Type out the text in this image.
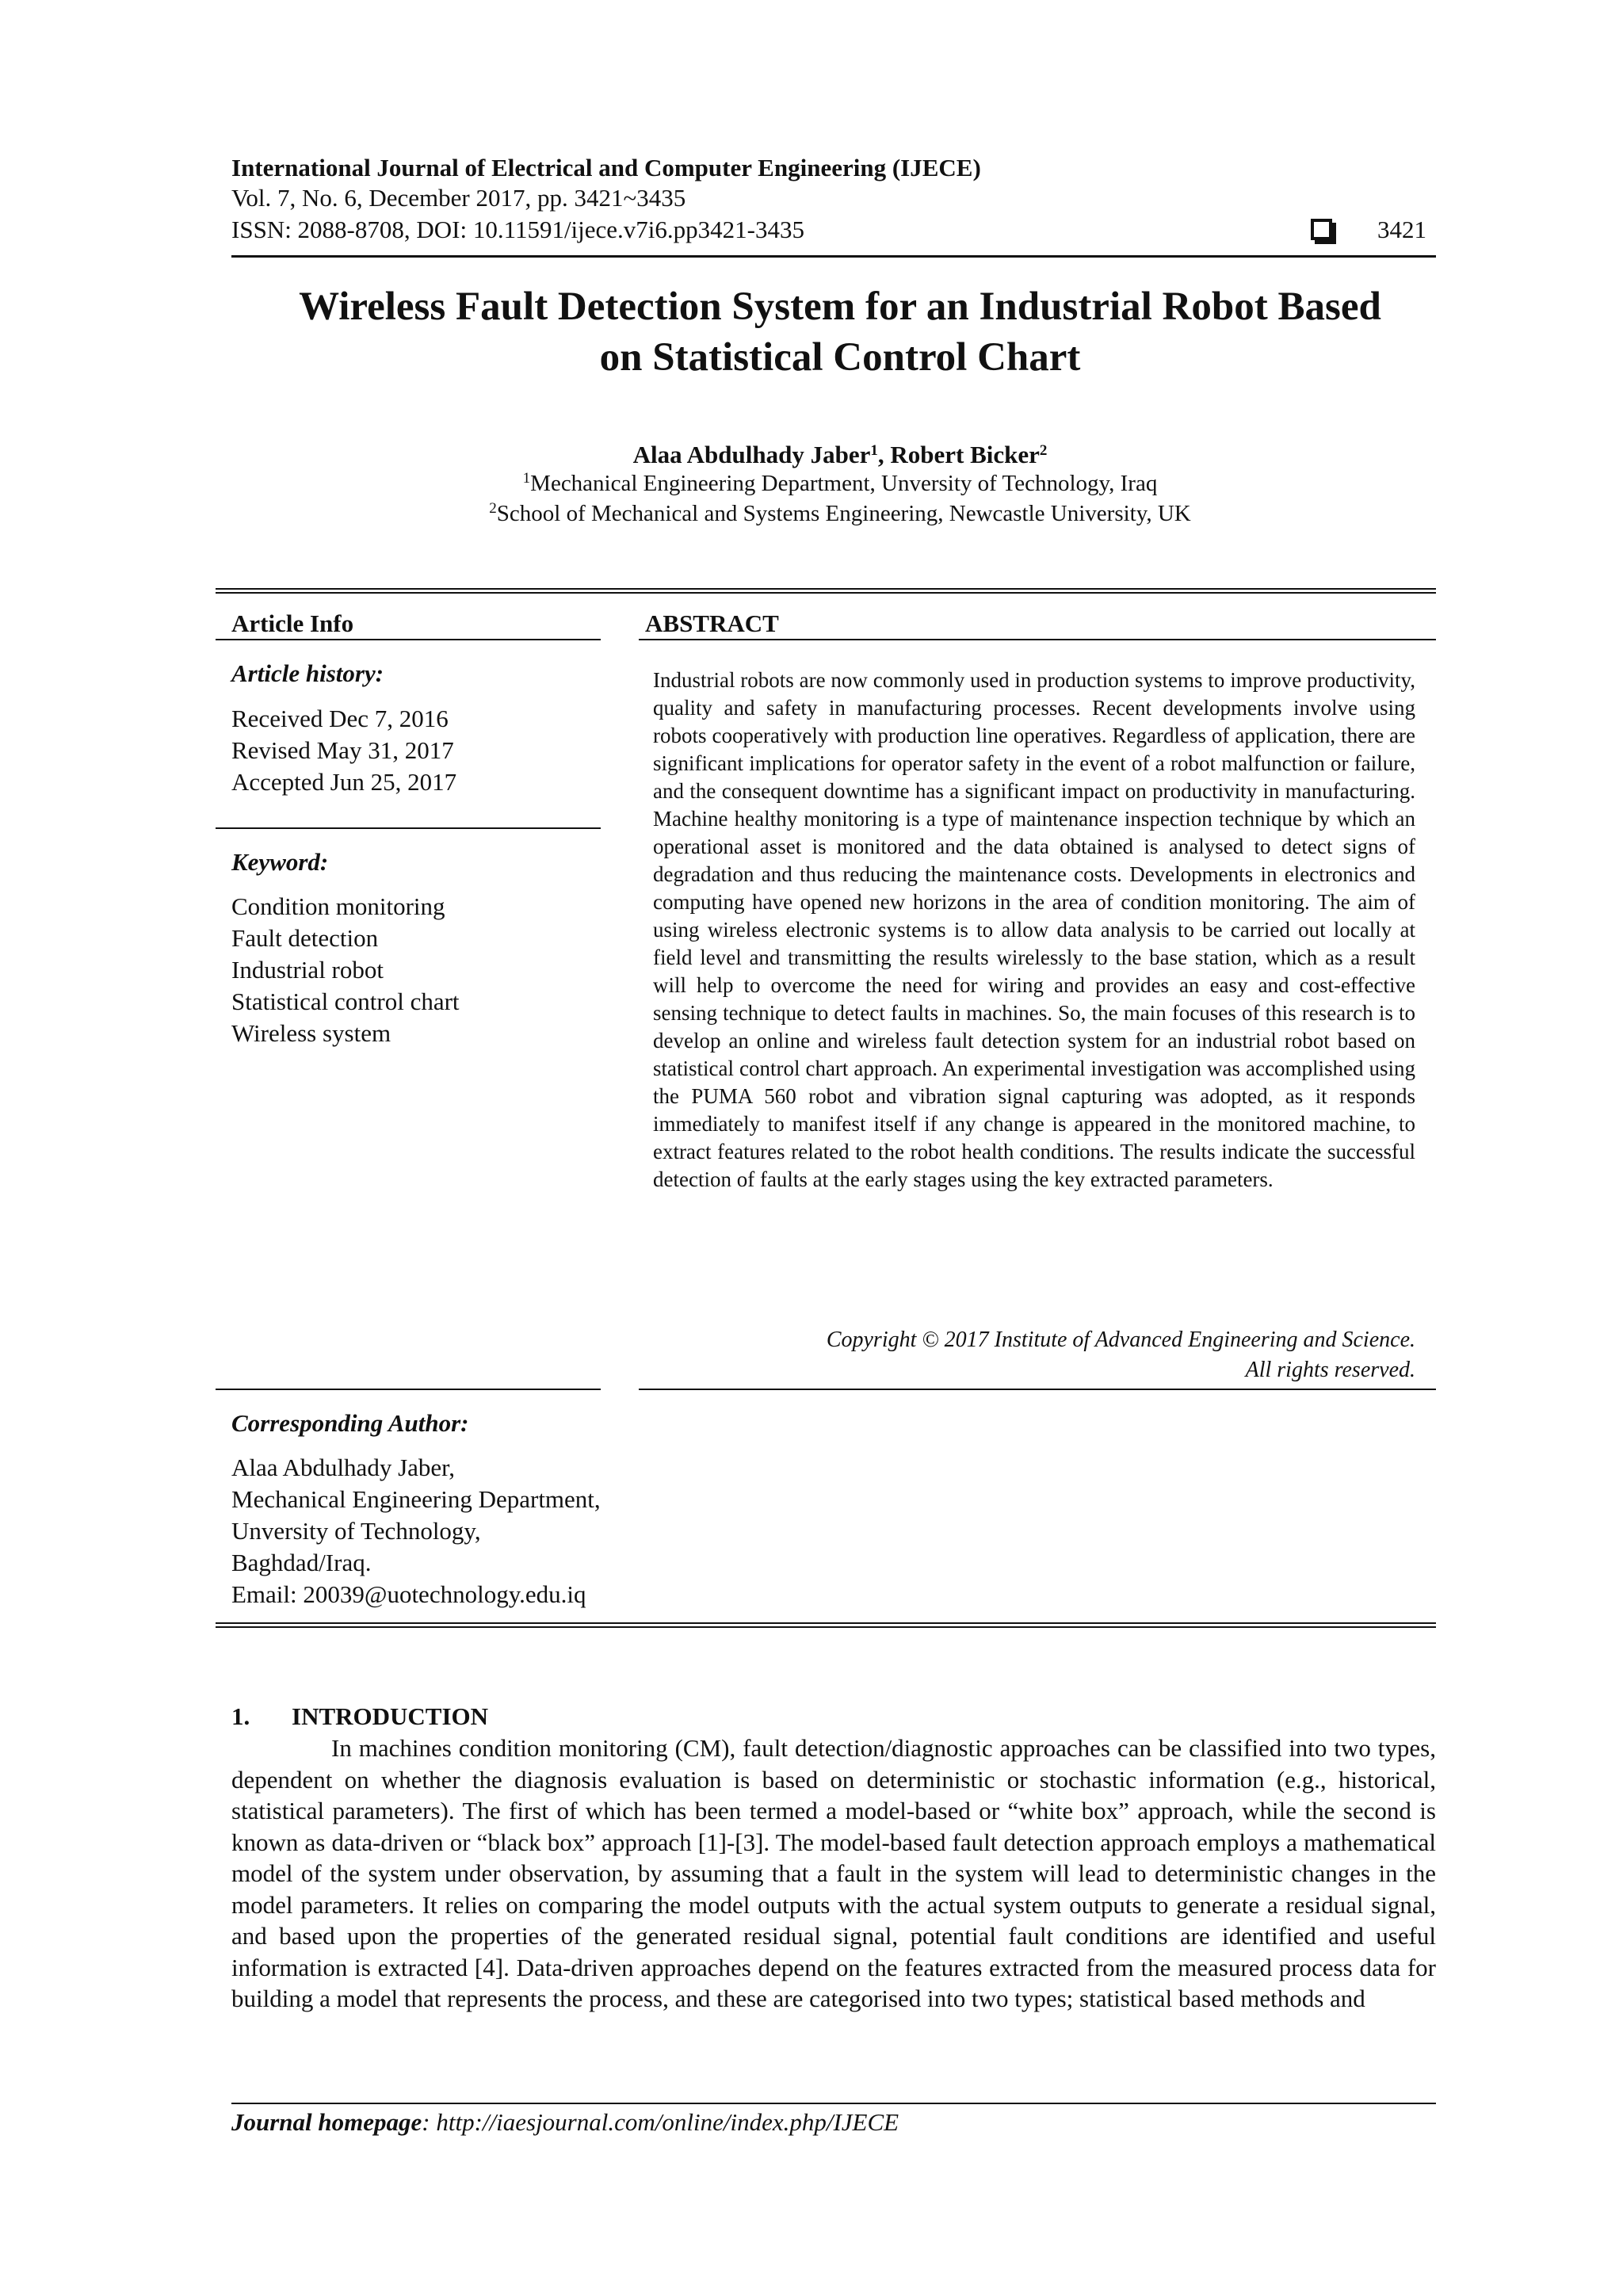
International Journal of Electrical and Computer Engineering (IJECE)
Vol. 7, No. 6, December 2017, pp. 3421~3435
ISSN: 2088-8708, DOI: 10.11591/ijece.v7i6.pp3421-3435	3421
Wireless Fault Detection System for an Industrial Robot Based
on Statistical Control Chart
Alaa Abdulhady Jaber$^1$, Robert Bicker$^2$
$^1$Mechanical Engineering Department, Unversity of Technology, Iraq
$^2$School of Mechanical and Systems Engineering, Newcastle University, UK
Article Info
Article history:
Received Dec 7, 2016
Revised May 31, 2017
Accepted Jun 25, 2017
Keyword:
Condition monitoring
Fault detection
Industrial robot
Statistical control chart
Wireless system
ABSTRACT
Industrial robots are now commonly used in production systems to improve productivity, quality and safety in manufacturing processes. Recent developments involve using robots cooperatively with production line operatives. Regardless of application, there are significant implications for operator safety in the event of a robot malfunction or failure, and the consequent downtime has a significant impact on productivity in manufacturing. Machine healthy monitoring is a type of maintenance inspection technique by which an operational asset is monitored and the data obtained is analysed to detect signs of degradation and thus reducing the maintenance costs. Developments in electronics and computing have opened new horizons in the area of condition monitoring. The aim of using wireless electronic systems is to allow data analysis to be carried out locally at field level and transmitting the results wirelessly to the base station, which as a result will help to overcome the need for wiring and provides an easy and cost-effective sensing technique to detect faults in machines. So, the main focuses of this research is to develop an online and wireless fault detection system for an industrial robot based on statistical control chart approach. An experimental investigation was accomplished using the PUMA 560 robot and vibration signal capturing was adopted, as it responds immediately to manifest itself if any change is appeared in the monitored machine, to extract features related to the robot health conditions. The results indicate the successful detection of faults at the early stages using the key extracted parameters.
Copyright © 2017 Institute of Advanced Engineering and Science.
All rights reserved.
Corresponding Author:
Alaa Abdulhady Jaber,
Mechanical Engineering Department,
Unversity of Technology,
Baghdad/Iraq.
Email: 20039@uotechnology.edu.iq
1. INTRODUCTION
In machines condition monitoring (CM), fault detection/diagnostic approaches can be classified into two types, dependent on whether the diagnosis evaluation is based on deterministic or stochastic information (e.g., historical, statistical parameters). The first of which has been termed a model-based or “white box” approach, while the second is known as data-driven or “black box” approach [1]-[3]. The model-based fault detection approach employs a mathematical model of the system under observation, by assuming that a fault in the system will lead to deterministic changes in the model parameters. It relies on comparing the model outputs with the actual system outputs to generate a residual signal, and based upon the properties of the generated residual signal, potential fault conditions are identified and useful information is extracted [4]. Data-driven approaches depend on the features extracted from the measured process data for building a model that represents the process, and these are categorised into two types; statistical based methods and
Journal homepage: http://iaesjournal.com/online/index.php/IJECE
